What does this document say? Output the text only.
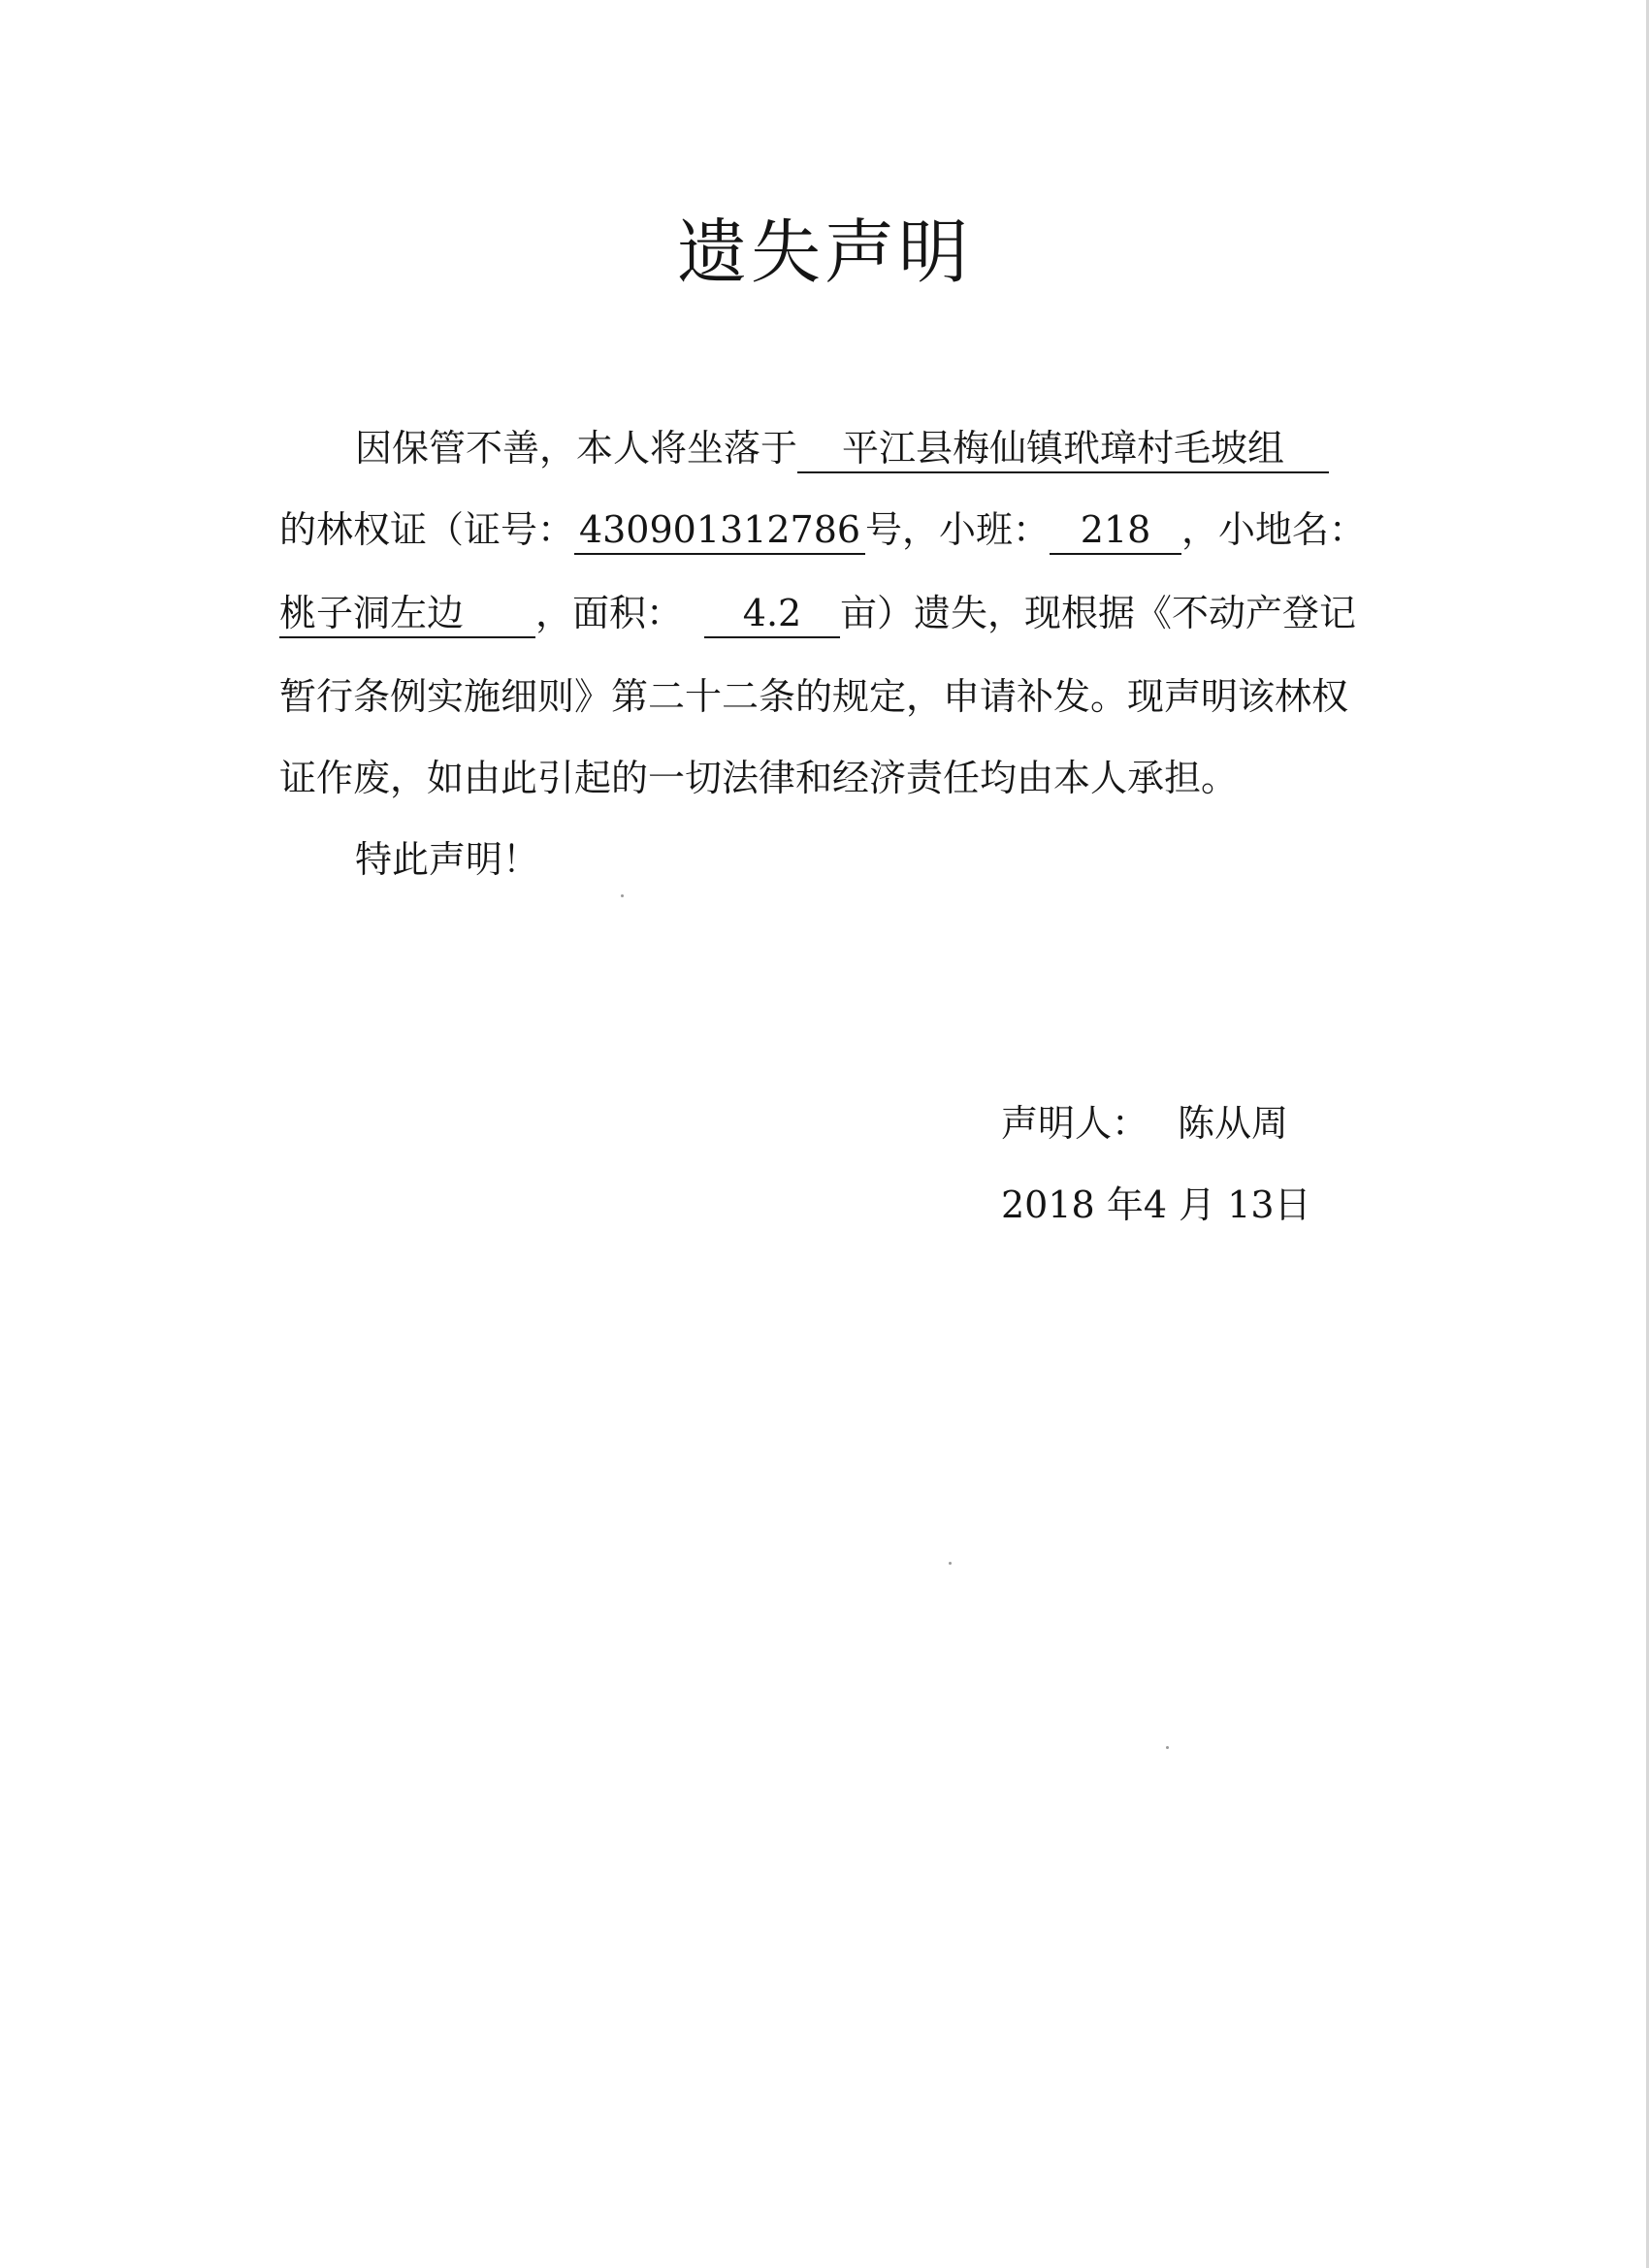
遗失声明
因保管不善，本人将坐落于 平江县梅仙镇玳璋村毛坡组
的林权证（证号： 430901312786 号，小班： 218 ，小地名：
桃子洞左边 ，面积： 4.2 亩）遗失，现根据《不动产登记
暂行条例实施细则》第二十二条的规定，申请补发。现声明该林权
证作废，如由此引起的一切法律和经济责任均由本人承担。
特此声明！
声明人： 陈从周
2018 年4 月 13日
